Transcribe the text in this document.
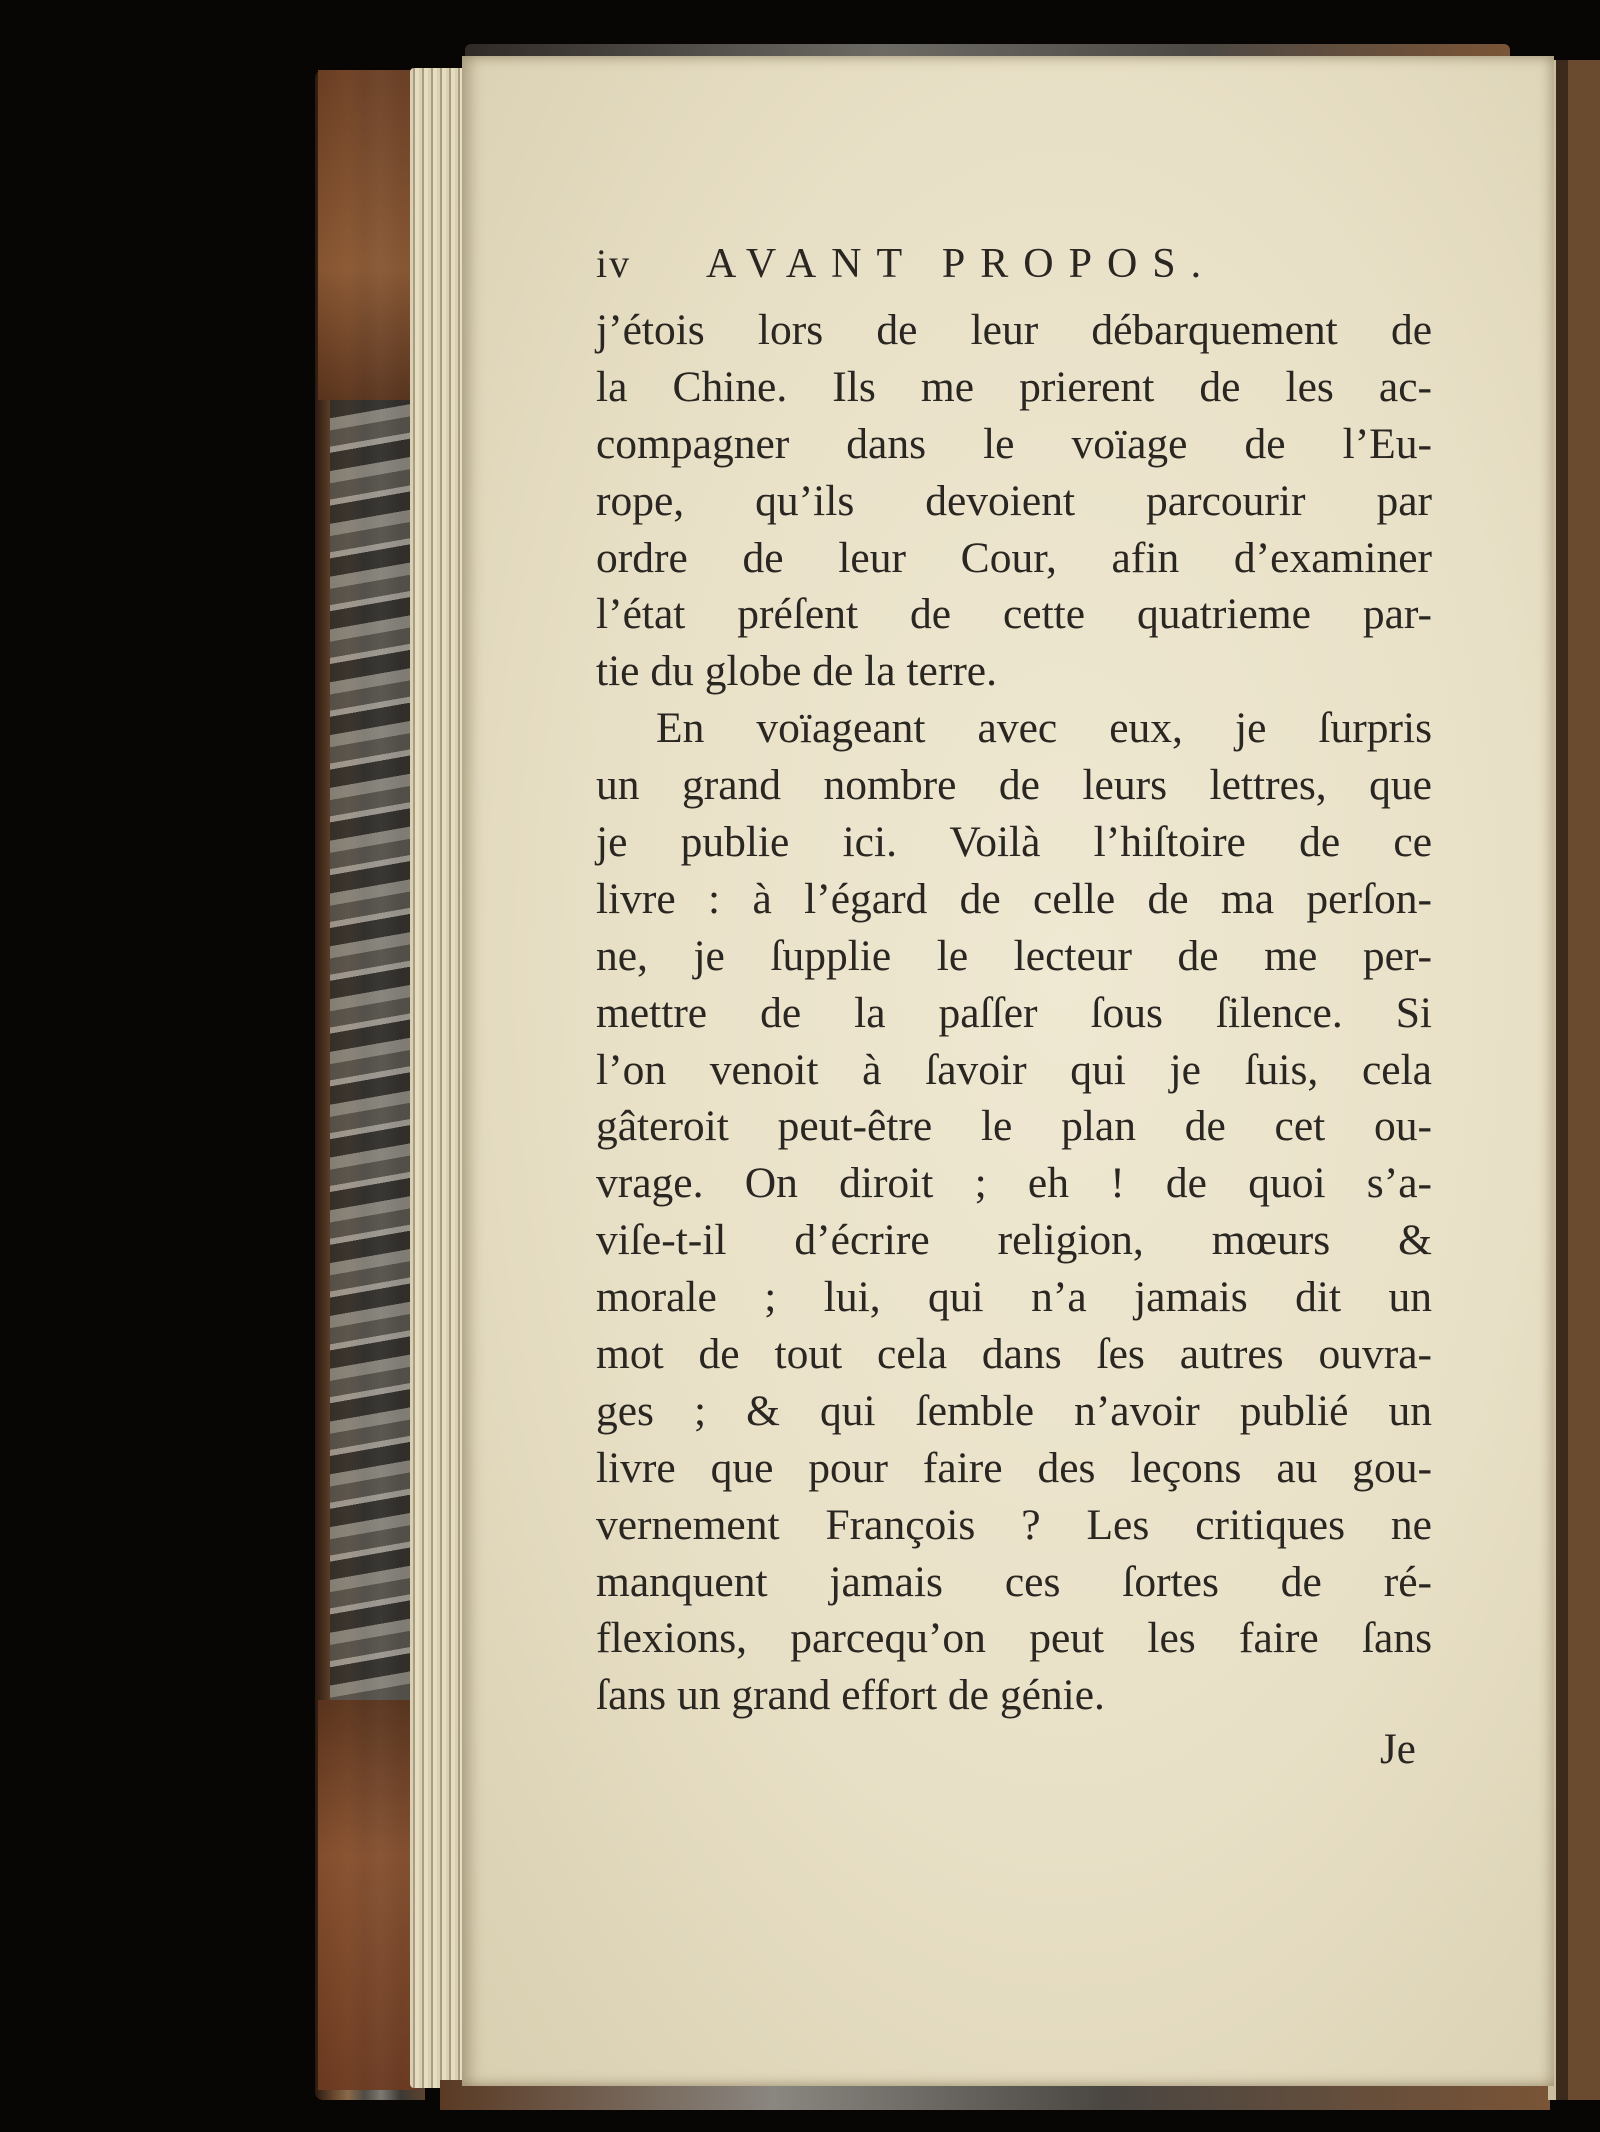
iv	AVANT PROPOS.
j’étois lors de leur débarquement de
la Chine. Ils me prierent de les ac-
compagner dans le voïage de l’Eu-
rope, qu’ils devoient parcourir par
ordre de leur Cour, afin d’examiner
l’état préſent de cette quatrieme par-
tie du globe de la terre.
En voïageant avec eux, je ſurpris
un grand nombre de leurs lettres, que
je publie ici. Voilà l’hiſtoire de ce
livre : à l’égard de celle de ma perſon-
ne, je ſupplie le lecteur de me per-
mettre de la paſſer ſous ſilence. Si
l’on venoit à ſavoir qui je ſuis, cela
gâteroit peut-être le plan de cet ou-
vrage. On diroit ; eh ! de quoi s’a-
viſe-t-il d’écrire religion, mœurs &
morale ; lui, qui n’a jamais dit un
mot de tout cela dans ſes autres ouvra-
ges ; & qui ſemble n’avoir publié un
livre que pour faire des leçons au gou-
vernement François ? Les critiques ne
manquent jamais ces ſortes de ré-
flexions, parcequ’on peut les faire ſans
ſans un grand effort de génie.
Je
